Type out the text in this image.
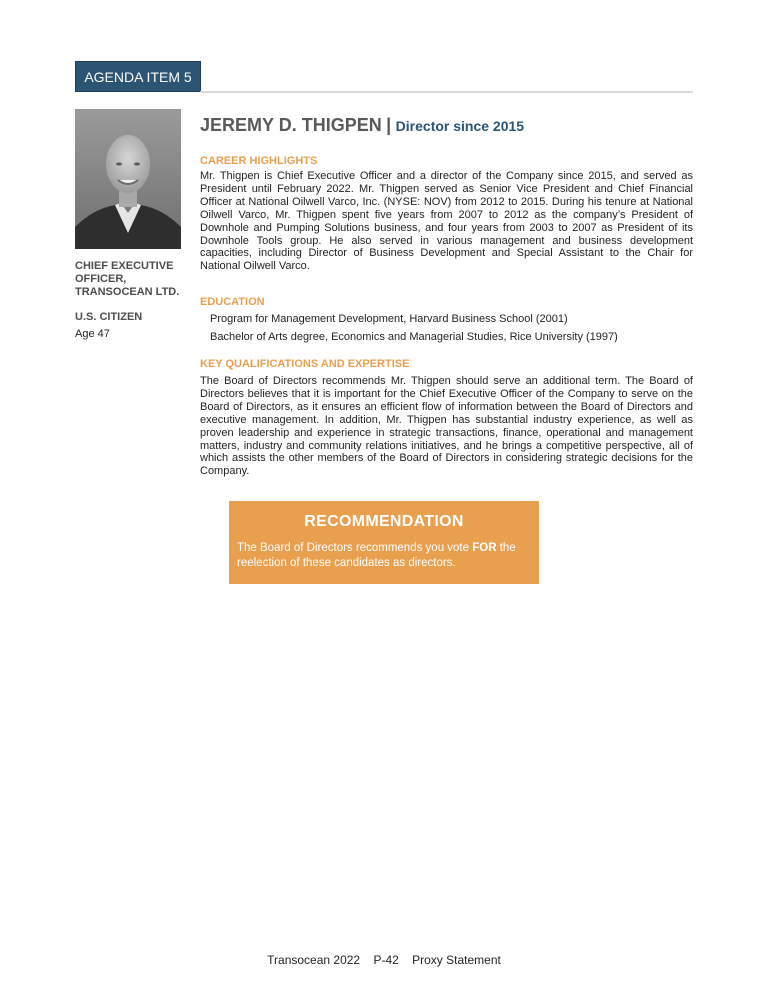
AGENDA ITEM 5
CHIEF EXECUTIVE OFFICER, TRANSOCEAN LTD.
U.S. CITIZEN
Age 47
JEREMY D. THIGPEN | Director since 2015
CAREER HIGHLIGHTS
Mr. Thigpen is Chief Executive Officer and a director of the Company since 2015, and served as President until February 2022. Mr. Thigpen served as Senior Vice President and Chief Financial Officer at National Oilwell Varco, Inc. (NYSE: NOV) from 2012 to 2015. During his tenure at National Oilwell Varco, Mr. Thigpen spent five years from 2007 to 2012 as the company’s President of Downhole and Pumping Solutions business, and four years from 2003 to 2007 as President of its Downhole Tools group. He also served in various management and business development capacities, including Director of Business Development and Special Assistant to the Chair for National Oilwell Varco.
EDUCATION
Program for Management Development, Harvard Business School (2001)
Bachelor of Arts degree, Economics and Managerial Studies, Rice University (1997)
KEY QUALIFICATIONS AND EXPERTISE
The Board of Directors recommends Mr. Thigpen should serve an additional term. The Board of Directors believes that it is important for the Chief Executive Officer of the Company to serve on the Board of Directors, as it ensures an efficient flow of information between the Board of Directors and executive management. In addition, Mr. Thigpen has substantial industry experience, as well as proven leadership and experience in strategic transactions, finance, operational and management matters, industry and community relations initiatives, and he brings a competitive perspective, all of which assists the other members of the Board of Directors in considering strategic decisions for the Company.
RECOMMENDATION
The Board of Directors recommends you vote FOR the reelection of these candidates as directors.
Transocean 2022    P-42    Proxy Statement
